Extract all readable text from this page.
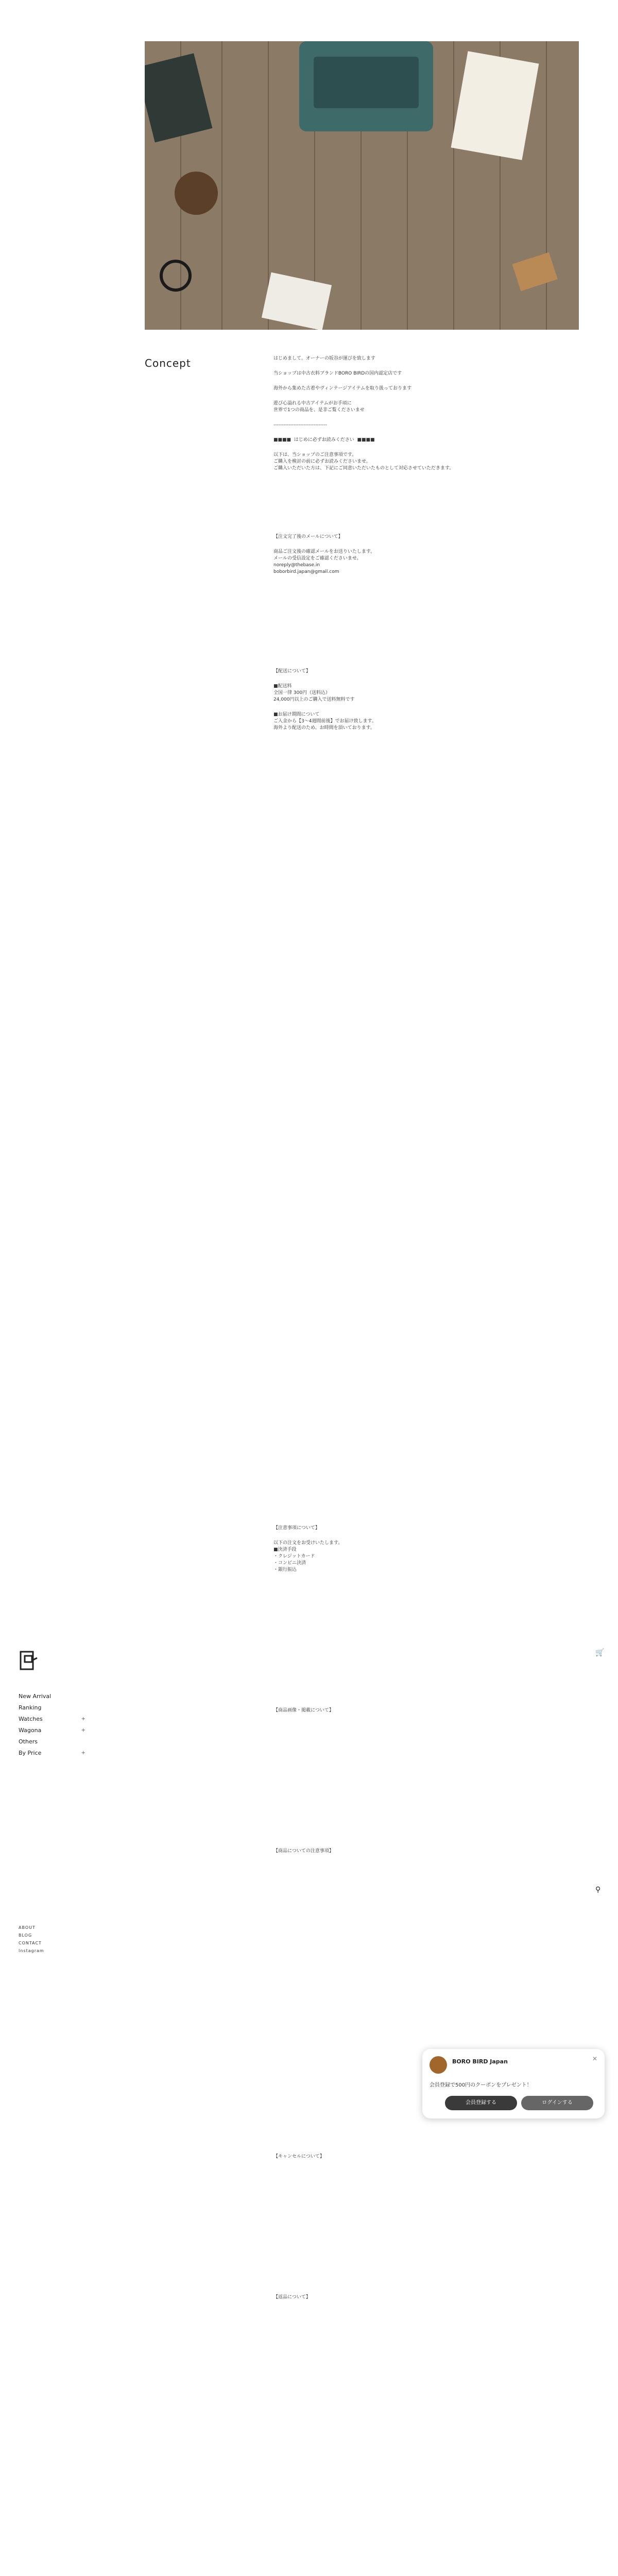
Concept	はじめまして。オーナーの坂谷が運びを致します

当ショップは中古衣料ブランドBORO BIRDの国内認定店です

海外から集めた古着やヴィンテージアイテムを取り扱っております

遊び心溢れる中古アイテムがお手頃に

世界で1つの商品を、是非ご覧くださいませ

--------------------------------

■■■■  はじめに必ずお読みください  ■■■■

以下は、当ショップのご注意事項です。

ご購入を検討の前に必ずお読みくださいませ。

ご購入いただいた方は、下記にご同意いただいたものとして対応させていただきます。

【注文完了後のメールについて】

商品ご注文後の確認メールをお送りいたします。

メールの受信設定をご確認くださいませ。

noreply@thebase.in

boborbird.japan@gmail.com

【配送について】

■配送料

全国一律 300円（送料込）

24,000円以上のご購入で送料無料です

■お届け期間について

ご入金から【3〜4週間前後】でお届け致します。

海外より配送のため、お時間を頂いております。

【注意事項について】

以下の注文をお受けいたします。

■決済手段

・クレジットカード

・コンビニ決済

・銀行振込

【商品画像・掲載について】

【商品についての注意事項】

【キャンセルについて】

【返品について】

New Arrival
Ranking
Watches	+
Wagona	+
Others
By Price	+
ABOUT
BLOG
CONTACT
Instagram
🛒
⚲
BORO BIRD Japan	✕
会員登録で500円のクーポンをプレゼント！
会員登録する	ログインする
